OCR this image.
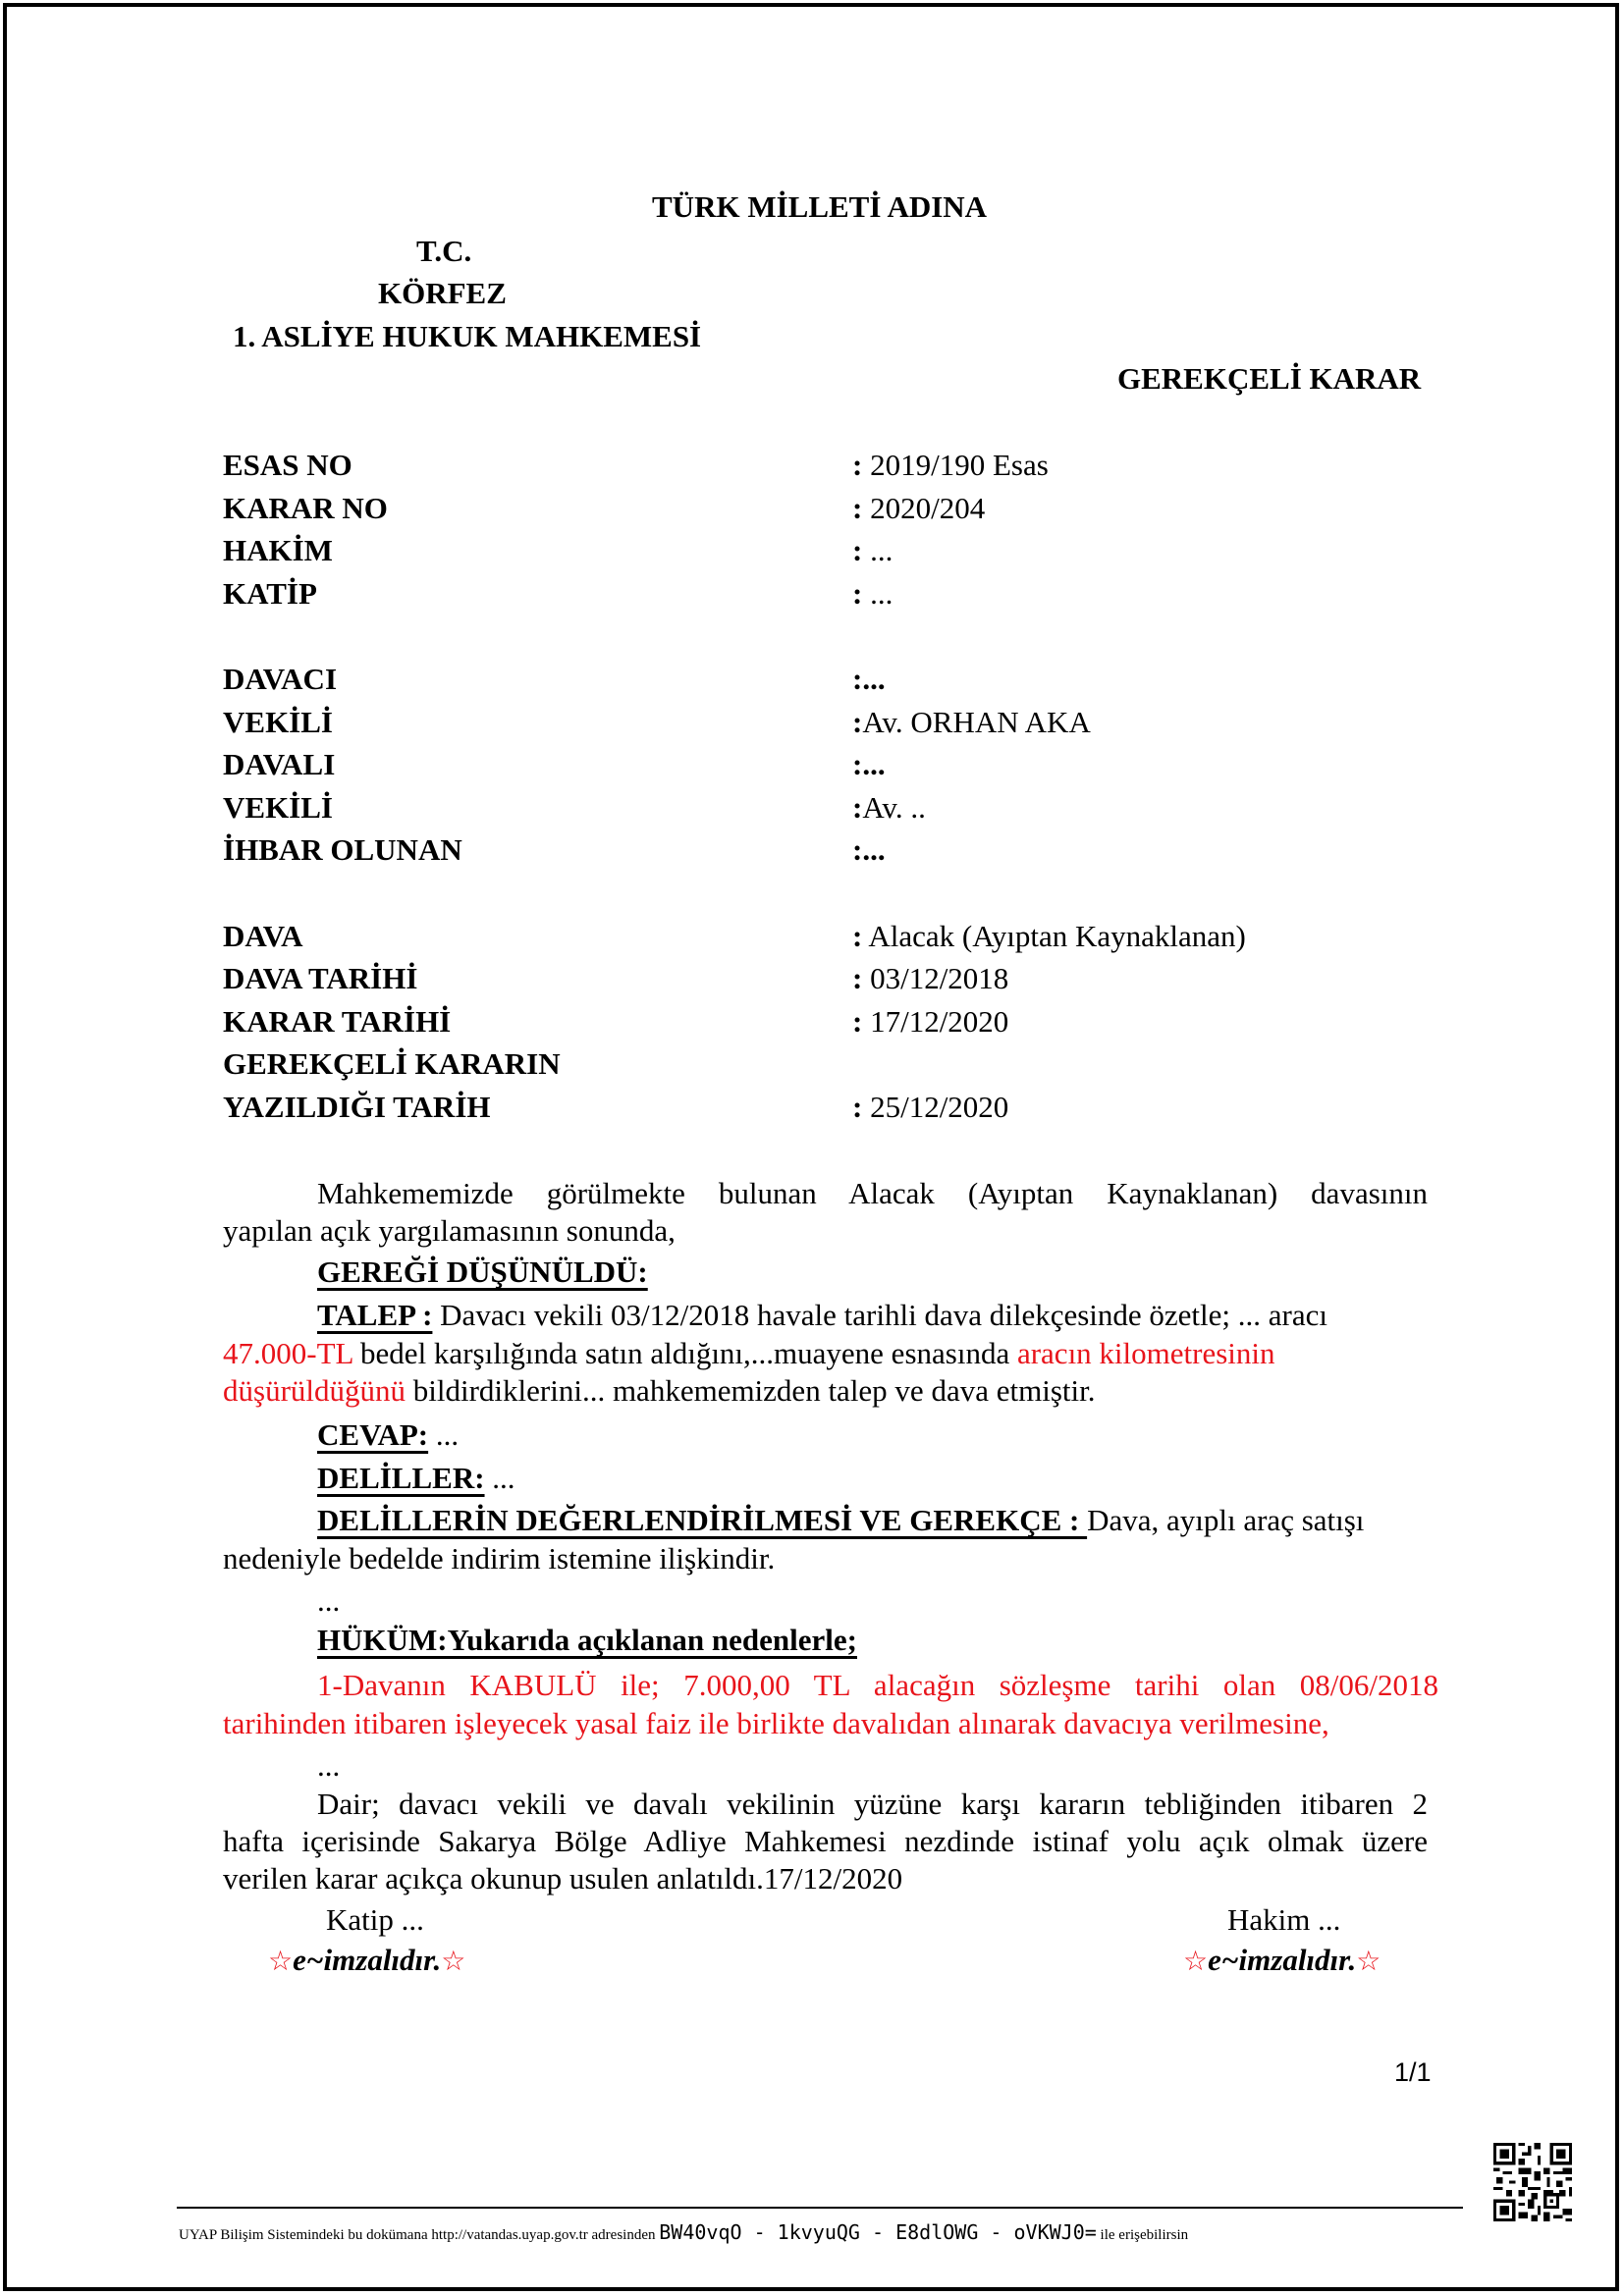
TÜRK MİLLETİ ADINA
T.C.
KÖRFEZ
1. ASLİYE HUKUK MAHKEMESİ
GEREKÇELİ KARAR
ESAS NO	: 2019/190 Esas
KARAR NO	: 2020/204
HAKİM	: ...
KATİP	: ...
DAVACI	:...
VEKİLİ	:Av. ORHAN AKA
DAVALI	:...
VEKİLİ	:Av. ..
İHBAR OLUNAN	:...
DAVA	: Alacak (Ayıptan Kaynaklanan)
DAVA TARİHİ	: 03/12/2018
KARAR TARİHİ	: 17/12/2020
GEREKÇELİ KARARIN
YAZILDIĞI TARİH	: 25/12/2020
Mahkememizde görülmekte bulunan Alacak (Ayıptan Kaynaklanan) davasının
yapılan açık yargılamasının sonunda,
GEREĞİ DÜŞÜNÜLDÜ:
TALEP : Davacı vekili 03/12/2018 havale tarihli dava dilekçesinde özetle; ... aracı
47.000-TL bedel karşılığında satın aldığını,...muayene esnasında aracın kilometresinin
düşürüldüğünü bildirdiklerini... mahkememizden talep ve dava etmiştir.
CEVAP: ...
DELİLLER: ...
DELİLLERİN DEĞERLENDİRİLMESİ VE GEREKÇE : Dava, ayıplı araç satışı
nedeniyle bedelde indirim istemine ilişkindir.
...
HÜKÜM:Yukarıda açıklanan nedenlerle;
1-Davanın KABULÜ ile; 7.000,00 TL alacağın sözleşme tarihi olan 08/06/2018
tarihinden itibaren işleyecek yasal faiz ile birlikte davalıdan alınarak davacıya verilmesine,
...
Dair; davacı vekili ve davalı vekilinin yüzüne karşı kararın tebliğinden itibaren 2
hafta içerisinde Sakarya Bölge Adliye Mahkemesi nezdinde istinaf yolu açık olmak üzere
verilen karar açıkça okunup usulen anlatıldı.17/12/2020
Katip ...	Hakim ...
☆e~imzalıdır.☆	☆e~imzalıdır.☆
1/1
UYAP Bilişim Sistemindeki bu dokümana http://vatandas.uyap.gov.tr adresinden BW40vqO - 1kvyuQG - E8dlOWG - oVKWJ0= ile erişebilirsin
